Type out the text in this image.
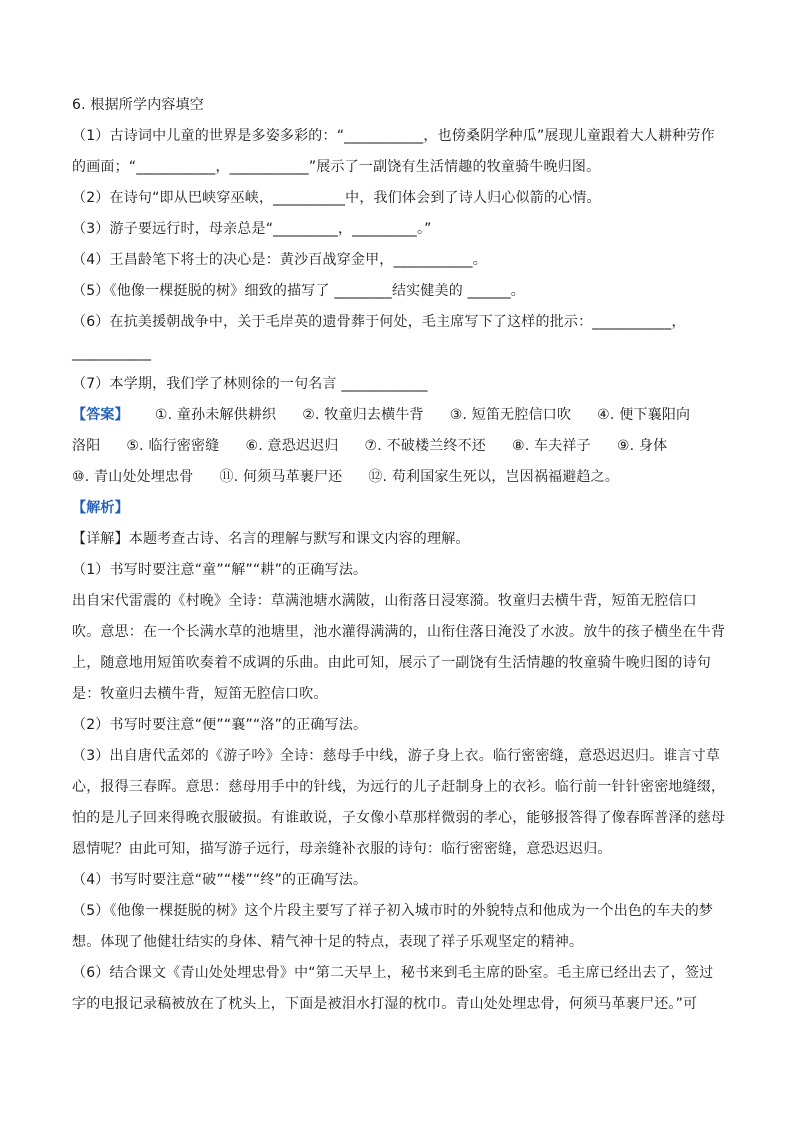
6. 根据所学内容填空
（1）古诗词中儿童的世界是多姿多彩的：“___________，也傍桑阴学种瓜”展现儿童跟着大人耕种劳作
的画面；“___________，___________”展示了一副饶有生活情趣的牧童骑牛晚归图。
（2）在诗句“即从巴峡穿巫峡，__________中，我们体会到了诗人归心似箭的心情。
（3）游子要远行时，母亲总是“_________，_________。”
（4）王昌龄笔下将士的决心是：黄沙百战穿金甲，___________。
（5）《他像一棵挺脱的树》细致的描写了 ________结实健美的 ______。
（6）在抗美援朝战争中，关于毛岸英的遗骨葬于何处，毛主席写下了这样的批示：___________，
___________
（7）本学期，我们学了林则徐的一句名言 ____________
【答案】 ①. 童孙未解供耕织 ②. 牧童归去横牛背 ③. 短笛无腔信口吹 ④. 便下襄阳向
洛阳 ⑤. 临行密密缝 ⑥. 意恐迟迟归 ⑦. 不破楼兰终不还 ⑧. 车夫祥子 ⑨. 身体
⑩. 青山处处埋忠骨 ⑪. 何须马革裹尸还 ⑫. 苟利国家生死以，岂因祸福避趋之。
【解析】
【详解】本题考查古诗、名言的理解与默写和课文内容的理解。
（1）书写时要注意“童”“解”“耕”的正确写法。
出自宋代雷震的《村晚》全诗：草满池塘水满陂，山衔落日浸寒漪。牧童归去横牛背，短笛无腔信口
吹。意思：在一个长满水草的池塘里，池水灌得满满的，山衔住落日淹没了水波。放牛的孩子横坐在牛背
上，随意地用短笛吹奏着不成调的乐曲。由此可知，展示了一副饶有生活情趣的牧童骑牛晚归图的诗句
是：牧童归去横牛背，短笛无腔信口吹。
（2）书写时要注意“便”“襄”“洛”的正确写法。
（3）出自唐代孟郊的《游子吟》全诗：慈母手中线，游子身上衣。临行密密缝，意恐迟迟归。谁言寸草
心，报得三春晖。意思：慈母用手中的针线，为远行的儿子赶制身上的衣衫。临行前一针针密密地缝缀，
怕的是儿子回来得晚衣服破损。有谁敢说，子女像小草那样微弱的孝心，能够报答得了像春晖普泽的慈母
恩情呢？由此可知，描写游子远行，母亲缝补衣服的诗句：临行密密缝，意恐迟迟归。
（4）书写时要注意“破”“楼”“终”的正确写法。
（5）《他像一棵挺脱的树》这个片段主要写了祥子初入城市时的外貌特点和他成为一个出色的车夫的梦
想。体现了他健壮结实的身体、精气神十足的特点，表现了祥子乐观坚定的精神。
（6）结合课文《青山处处埋忠骨》中“第二天早上，秘书来到毛主席的卧室。毛主席已经出去了，签过
字的电报记录稿被放在了枕头上，下面是被泪水打湿的枕巾。青山处处埋忠骨，何须马革裹尸还。”可
